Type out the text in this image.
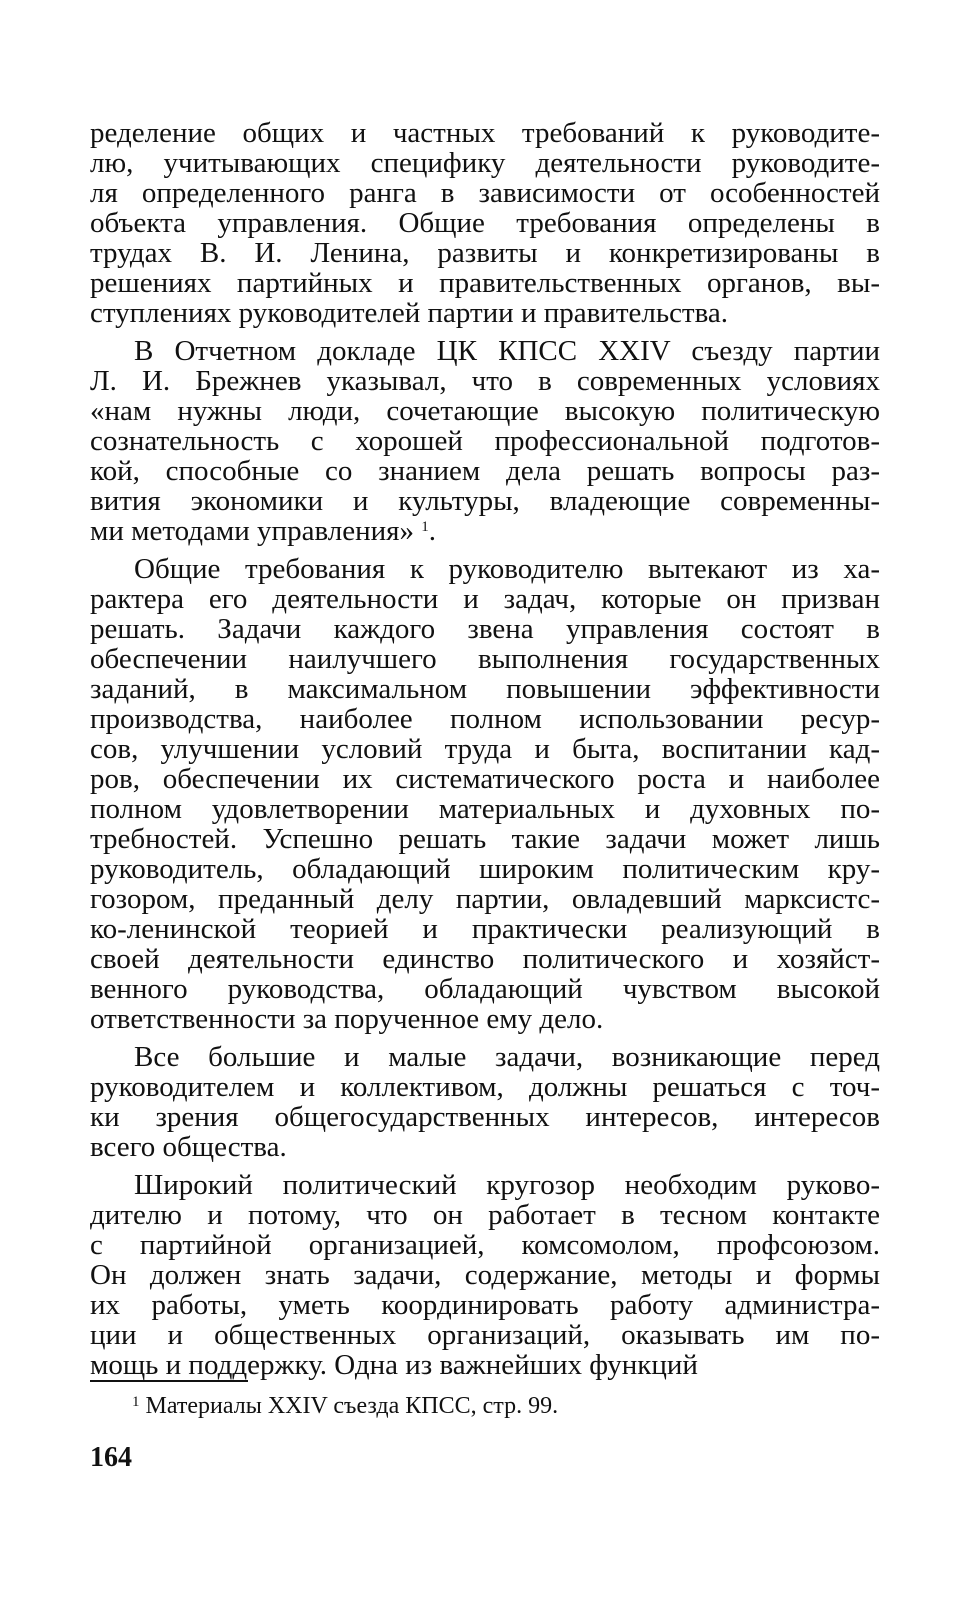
ределение общих и частных требований к руководите-
лю, учитывающих специфику деятельности руководите-
ля определенного ранга в зависимости от особенностей
объекта управления. Общие требования определены в
трудах В. И. Ленина, развиты и конкретизированы в
решениях партийных и правительственных органов, вы-
ступлениях руководителей партии и правительства.
В Отчетном докладе ЦК КПСС XXIV съезду партии
Л. И. Брежнев указывал, что в современных условиях
«нам нужны люди, сочетающие высокую политическую
сознательность с хорошей профессиональной подготов-
кой, способные со знанием дела решать вопросы раз-
вития экономики и культуры, владеющие современны-
ми методами управления» $^1$.
Общие требования к руководителю вытекают из ха-
рактера его деятельности и задач, которые он призван
решать. Задачи каждого звена управления состоят в
обеспечении наилучшего выполнения государственных
заданий, в максимальном повышении эффективности
производства, наиболее полном использовании ресур-
сов, улучшении условий труда и быта, воспитании кад-
ров, обеспечении их систематического роста и наиболее
полном удовлетворении материальных и духовных по-
требностей. Успешно решать такие задачи может лишь
руководитель, обладающий широким политическим кру-
гозором, преданный делу партии, овладевший марксистс-
ко-ленинской теорией и практически реализующий в
своей деятельности единство политического и хозяйст-
венного руководства, обладающий чувством высокой
ответственности за порученное ему дело.
Все большие и малые задачи, возникающие перед
руководителем и коллективом, должны решаться с точ-
ки зрения общегосударственных интересов, интересов
всего общества.
Широкий политический кругозор необходим руково-
дителю и потому, что он работает в тесном контакте
с партийной организацией, комсомолом, профсоюзом.
Он должен знать задачи, содержание, методы и формы
их работы, уметь координировать работу администра-
ции и общественных организаций, оказывать им по-
мощь и поддержку. Одна из важнейших функций
$^1$ Материалы XXIV съезда КПСС, стр. 99.
164
